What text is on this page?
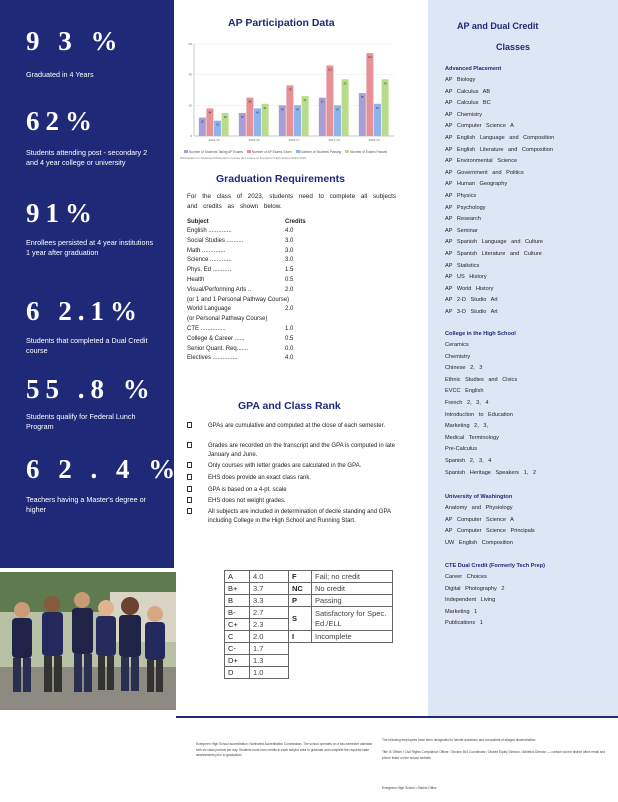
9 3 %
Graduated in 4 Years
62%
Students attending post - secondary 2 and 4 year college or university
91%
Enrollees persisted at 4 year institutions 1 year after graduation
6 2.1%
Students that completed a Dual Credit course
55 .8 %
Students qualify for Federal Lunch Program
6 2 . 4 %
Teachers having a Master's degree or higher
AP Participation Data
0
20
40
60
28
44
36
38
2014-15
36
58
46
51
2015-16
48
78
48
61
2016-17
61
112
50
82
2017-18
68
131
50
78
2018-19
Number of Students Taking AP Exams	Number of AP Exams Given	Number of Students Passing	Number of Exams Passed
Participation in Advanced Placement courses and exams at Evergreen High School 2014-2019
Graduation Requirements
For the class of 2023, students need to complete all subjects and credits as shown below.
Subject	Credits
English ..............	4.0
Social Studies ..........	3.0
Math ..............	3.0
Science .............	3.0
Phys. Ed ...........	1.5
Health	0.5
Visual/Performing Arts ..	2.0
(or 1 and 1 Personal Pathway Course)
World Language	2.0
(or Personal Pathway Course)
CTE ...............	1.0
College & Career ......	0.5
Senior Quant. Req.......	0.0
Electives ...............	4.0
GPA and Class Rank
GPAs are cumulative and computed at the close of each semester.
Grades are recorded on the transcript and the GPA is computed in late January and June.
Only courses with letter grades are calculated in the GPA.
EHS does provide an exact class rank.
GPA is based on a 4-pt. scale
EHS does not weight grades.
All subjects are included in determination of decile standing and GPA including College in the High School and Running Start.
A	4.0	F	Fail; no credit
B+	3.7	NC	No credit
B	3.3	P	Passing
B-	2.7	S	Satisfactory for Spec. Ed./ELL
C+	2.3		
C	2.0	I	Incomplete
C-	1.7		
D+	1.3		
D	1.0		
AP and Dual Credit
Classes
Advanced Placement
AP Biology
AP Calculus AB
AP Calculus BC
AP Chemistry
AP Computer Science A
AP English Language and Composition
AP English Literature and Composition
AP Environmental Science
AP Government and Politics
AP Human Geography
AP Physics
AP Psychology
AP Research
AP Seminar
AP Spanish Language and Culture
AP Spanish Literature and Culture
AP Statistics
AP US History
AP World History
AP 2-D Studio Art
AP 3-D Studio Art
College in the High School
Ceramics
Chemistry
Chinese 2, 3
Ethnic Studies and Civics
EVCC English
French 2, 3, 4
Introduction to Education
Marketing 2, 3,
Medical Terminology
Pre-Calculus
Spanish 2, 3, 4
Spanish Heritage Speakers 1, 2
University of Washington
Anatomy and Physiology
AP Computer Science A
AP Computer Science Principals
UW English Composition
CTE Dual Credit (Formerly Tech Prep)
Career Choices
Digital Photography 2
Independent Living
Marketing 1
Publications 1
Evergreen High School accreditation: Northwest Accreditation Commission. The school operates on a two-semester calendar with six class periods per day. Students must earn credits in each subject area to graduate and complete the required state assessments prior to graduation.
The following employees have been designated to handle questions and complaints of alleged discrimination:
Title IX Officer / Civil Rights Compliance Officer / Section 504 Coordinator / District Equity Director / Athletics Director — contact via the district office email and phone listed on the school website.
Evergreen High School • District Office
